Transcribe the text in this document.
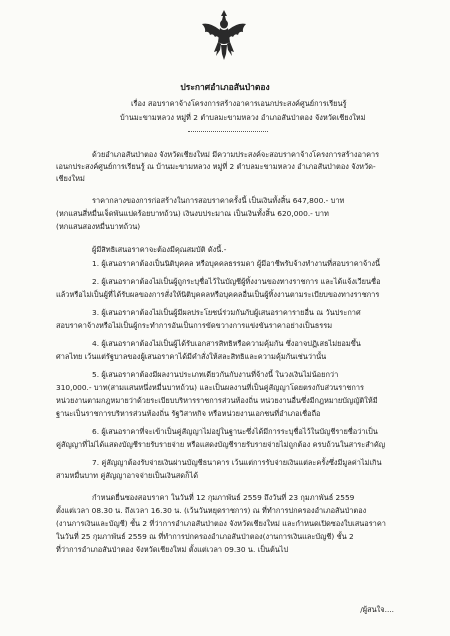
ประกาศอำเภอสันป่าตอง
เรื่อง สอบราคาจ้างโครงการสร้างอาคารเอนกประสงค์ศูนย์การเรียนรู้
บ้านมะขามหลวง หมู่ที่ 2 ตำบลมะขามหลวง อำเภอสันป่าตอง จังหวัดเชียงใหม่

ด้วยอำเภอสันป่าตอง จังหวัดเชียงใหม่ มีความประสงค์จะสอบราคาจ้างโครงการสร้างอาคาร

เอนกประสงค์ศูนย์การเรียนรู้ ณ บ้านมะขามหลวง หมู่ที่ 2 ตำบลมะขามหลวง อำเภอสันป่าตอง จังหวัด-

เชียงใหม่

ราคากลางของการก่อสร้างในการสอบราคาครั้งนี้ เป็นเงินทั้งสิ้น 647,800.- บาท

(หกแสนสี่หมื่นเจ็ดพันแปดร้อยบาทถ้วน) เงินงบประมาณ เป็นเงินทั้งสิ้น 620,000.- บาท

(หกแสนสองหมื่นบาทถ้วน)

ผู้มีสิทธิเสนอราคาจะต้องมีคุณสมบัติ ดังนี้.-

1. ผู้เสนอราคาต้องเป็นนิติบุคคล หรือบุคคลธรรมดา ผู้มีอาชีพรับจ้างทำงานที่สอบราคาจ้างนี้

2. ผู้เสนอราคาต้องไม่เป็นผู้ถูกระบุชื่อไว้ในบัญชีผู้ทิ้งงานของทางราชการ และได้แจ้งเวียนชื่อ

แล้วหรือไม่เป็นผู้ที่ได้รับผลของการสั่งให้นิติบุคคลหรือบุคคลอื่นเป็นผู้ทิ้งงานตามระเบียบของทางราชการ

3. ผู้เสนอราคาต้องไม่เป็นผู้มีผลประโยชน์ร่วมกันกับผู้เสนอราคารายอื่น ณ วันประกาศ

สอบราคาจ้างหรือไม่เป็นผู้กระทำการอันเป็นการขัดขวางการแข่งขันราคาอย่างเป็นธรรม

4. ผู้เสนอราคาต้องไม่เป็นผู้ได้รับเอกสารสิทธิหรือความคุ้มกัน ซึ่งอาจปฏิเสธไม่ยอมขึ้น

ศาลไทย เว้นแต่รัฐบาลของผู้เสนอราคาได้มีคำสั่งให้สละสิทธิและความคุ้มกันเช่นว่านั้น

5. ผู้เสนอราคาต้องมีผลงานประเภทเดียวกันกับงานที่จ้างนี้ ในวงเงินไม่น้อยกว่า

310,000.- บาท(สามแสนหนึ่งหมื่นบาทถ้วน) และเป็นผลงานที่เป็นคู่สัญญาโดยตรงกับส่วนราชการ

หน่วยงานตามกฎหมายว่าด้วยระเบียบบริหารราชการส่วนท้องถิ่น หน่วยงานอื่นซึ่งมีกฎหมายบัญญัติให้มี

ฐานะเป็นราชการบริหารส่วนท้องถิ่น รัฐวิสาหกิจ หรือหน่วยงานเอกชนที่อำเภอเชื่อถือ

6. ผู้เสนอราคาที่จะเข้าเป็นคู่สัญญาไม่อยู่ในฐานะซึ่งได้มีการระบุชื่อไว้ในบัญชีรายชื่อว่าเป็น

คู่สัญญาที่ไม่ได้แสดงบัญชีรายรับรายจ่าย หรือแสดงบัญชีรายรับรายจ่ายไม่ถูกต้อง ครบถ้วนในสาระสำคัญ

7. คู่สัญญาต้องรับจ่ายเงินผ่านบัญชีธนาคาร เว้นแต่การรับจ่ายเงินแต่ละครั้งซึ่งมีมูลค่าไม่เกิน

สามหมื่นบาท คู่สัญญาอาจจ่ายเป็นเงินสดก็ได้

กำหนดยื่นซองสอบราคา ในวันที่ 12 กุมภาพันธ์ 2559 ถึงวันที่ 23 กุมภาพันธ์ 2559

ตั้งแต่เวลา 08.30 น. ถึงเวลา 16.30 น. (เว้นวันหยุดราชการ) ณ ที่ทำการปกครองอำเภอสันป่าตอง

(งานการเงินและบัญชี) ชั้น 2 ที่ว่าการอำเภอสันป่าตอง จังหวัดเชียงใหม่ และกำหนดเปิดซองใบเสนอราคา

ในวันที่ 25 กุมภาพันธ์ 2559 ณ ที่ทำการปกครองอำเภอสันป่าตอง(งานการเงินและบัญชี) ชั้น 2

ที่ว่าการอำเภอสันป่าตอง จังหวัดเชียงใหม่ ตั้งแต่เวลา 09.30 น. เป็นต้นไป

/ผู้สนใจ....
